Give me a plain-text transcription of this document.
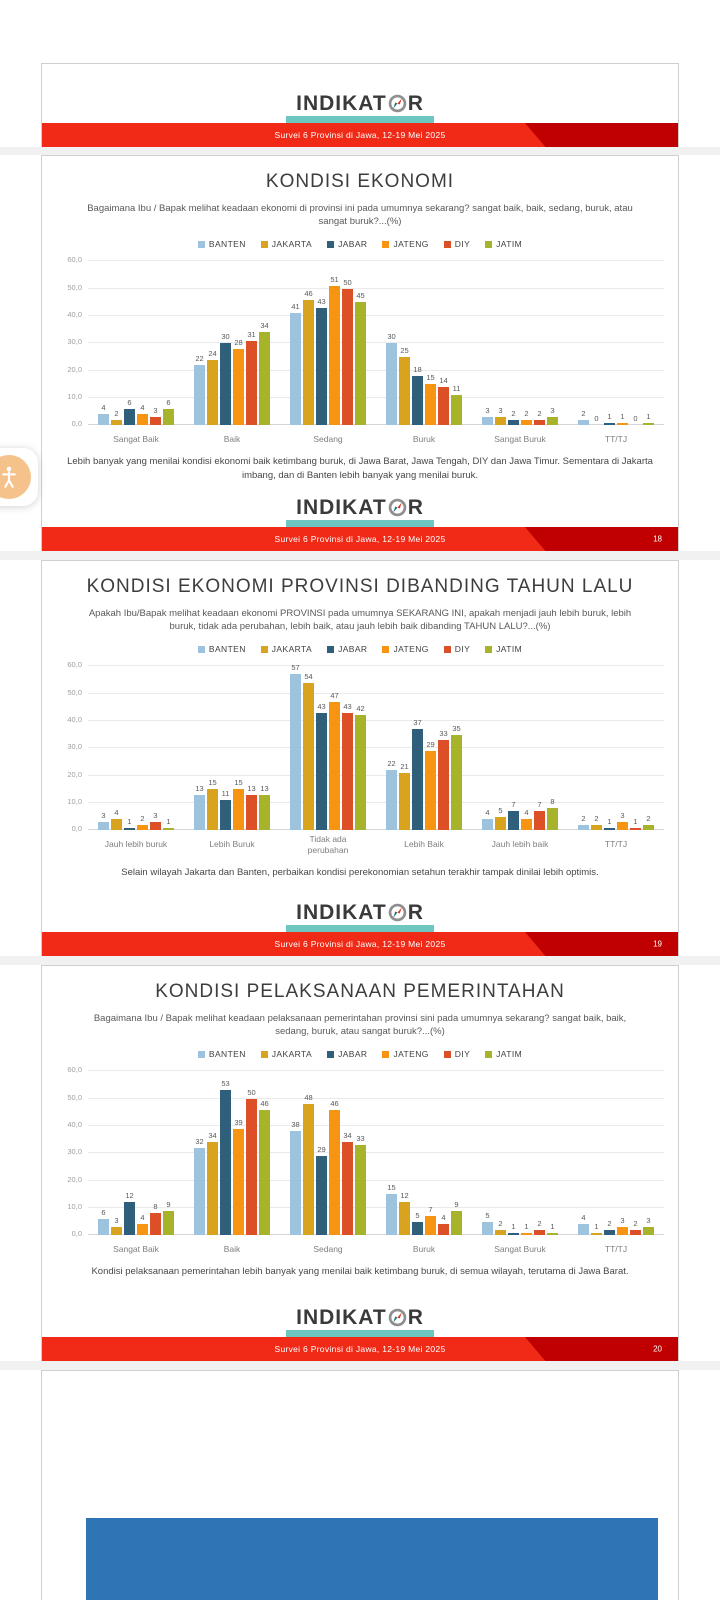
INDIKAT R
Survei 6 Provinsi di Jawa, 12-19 Mei 2025
KONDISI EKONOMI
Bagaimana Ibu / Bapak melihat keadaan ekonomi di provinsi ini pada umumnya sekarang? sangat baik, baik, sedang, buruk, atau sangat buruk?...(%)
BANTEN	JAKARTA	JABAR	JATENG	DIY	JATIM
60,0
50,0
40,0
30,0
20,0
10,0
0,0
4
2
6
4 3
6
22
24
30
28
31
34
41
46
43
51 50
45
30
25
18
15 14
11
3 3 2 2 2 3	2
0 1 1 0 1
Sangat Baik	Baik	Sedang	Buruk	Sangat Buruk	TT/TJ
Lebih banyak yang menilai kondisi ekonomi baik ketimbang buruk, di Jawa Barat, Jawa Tengah, DIY dan Jawa Timur. Sementara di Jakarta imbang, dan di Banten lebih banyak yang menilai buruk.
INDIKAT R
Survei 6 Provinsi di Jawa, 12-19 Mei 2025	18
KONDISI EKONOMI PROVINSI DIBANDING TAHUN LALU
Apakah Ibu/Bapak melihat keadaan ekonomi PROVINSI pada umumnya SEKARANG INI, apakah menjadi jauh lebih buruk, lebih buruk, tidak ada perubahan, lebih baik, atau jauh lebih baik dibanding TAHUN LALU?...(%)
BANTEN	JAKARTA	JABAR	JATENG	DIY	JATIM
60,0
50,0
40,0
30,0
20,0
10,0
0,0
3 4
1 2 3
1
13
15
11
15
13 13
57
54
43
47
43 42
22 21
37
29
33
35
4 5
7
4
7 8
2 2 1
3
1 2
Jauh lebih buruk	Lebih Buruk	Tidak ada perubahan
Lebih Baik	Jauh lebih baik	TT/TJ
Selain wilayah Jakarta dan Banten, perbaikan kondisi perekonomian setahun terakhir tampak dinilai lebih optimis.
INDIKAT R
Survei 6 Provinsi di Jawa, 12-19 Mei 2025	19
KONDISI PELAKSANAAN PEMERINTAHAN
Bagaimana Ibu / Bapak melihat keadaan pelaksanaan pemerintahan provinsi sini pada umumnya sekarang? sangat baik, baik, sedang, buruk, atau sangat buruk?...(%)
BANTEN	JAKARTA	JABAR	JATENG	DIY	JATIM
60,0
50,0
40,0
30,0
20,0
10,0
0,0
6
3
12
4
8 9
32
34
53
39
50
46
38
48
29
46
34 33
15
12
5
7
4
9
5
2 1 1 2 1
4
1 2 3 2 3
Sangat Baik	Baik	Sedang	Buruk	Sangat Buruk	TT/TJ
Kondisi pelaksanaan pemerintahan lebih banyak yang menilai baik ketimbang buruk, di semua wilayah, terutama di Jawa Barat.
INDIKAT R
Survei 6 Provinsi di Jawa, 12-19 Mei 2025	20
